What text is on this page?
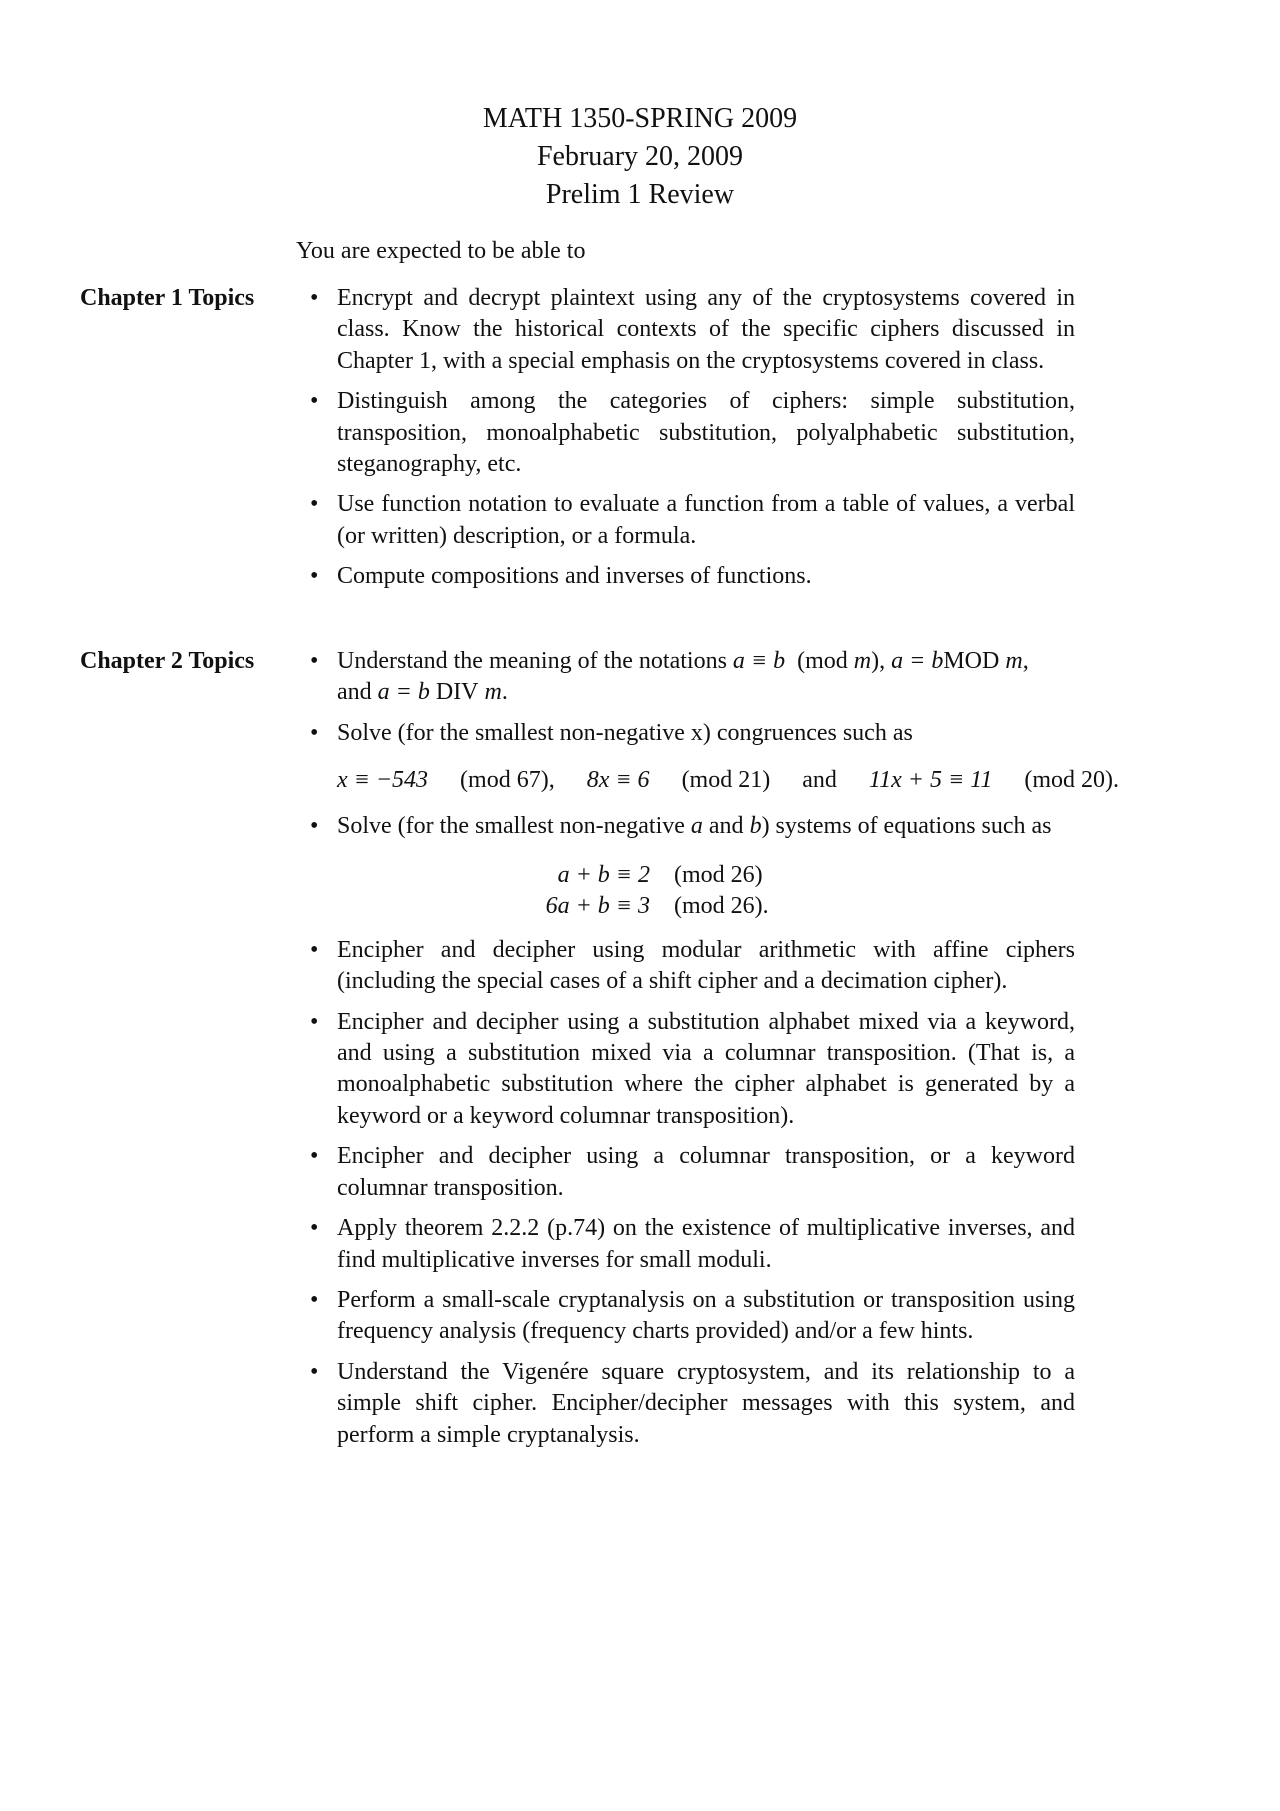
MATH 1350-SPRING 2009
February 20, 2009
Prelim 1 Review
You are expected to be able to
Chapter 1 Topics • Encrypt and decrypt plaintext using any of the cryptosystems covered in class. Know the historical contexts of the specific ciphers discussed in Chapter 1, with a special emphasis on the cryptosystems covered in class.
• Distinguish among the categories of ciphers: simple substitution, transposition, monoalphabetic substitution, polyalphabetic substitution, steganography, etc.
• Use function notation to evaluate a function from a table of values, a verbal (or written) description, or a formula.
• Compute compositions and inverses of functions.
Chapter 2 Topics • Understand the meaning of the notations a ≡ b (mod m), a = bMOD m,
and a = b DIV m.
• Solve (for the smallest non-negative x) congruences such as
x ≡ −543 (mod 67), 8x ≡ 6 (mod 21) and 11x + 5 ≡ 11 (mod 20).
• Solve (for the smallest non-negative a and b) systems of equations such as
a + b ≡ 2 (mod 26)
6a + b ≡ 3 (mod 26).
• Encipher and decipher using modular arithmetic with affine ciphers (including the special cases of a shift cipher and a decimation cipher).
• Encipher and decipher using a substitution alphabet mixed via a keyword, and using a substitution mixed via a columnar transposition. (That is, a monoalphabetic substitution where the cipher alphabet is generated by a keyword or a keyword columnar transposition).
• Encipher and decipher using a columnar transposition, or a keyword columnar transposition.
• Apply theorem 2.2.2 (p.74) on the existence of multiplicative inverses, and find multiplicative inverses for small moduli.
• Perform a small-scale cryptanalysis on a substitution or transposition using frequency analysis (frequency charts provided) and/or a few hints.
• Understand the Vigenére square cryptosystem, and its relationship to a simple shift cipher. Encipher/decipher messages with this system, and perform a simple cryptanalysis.
